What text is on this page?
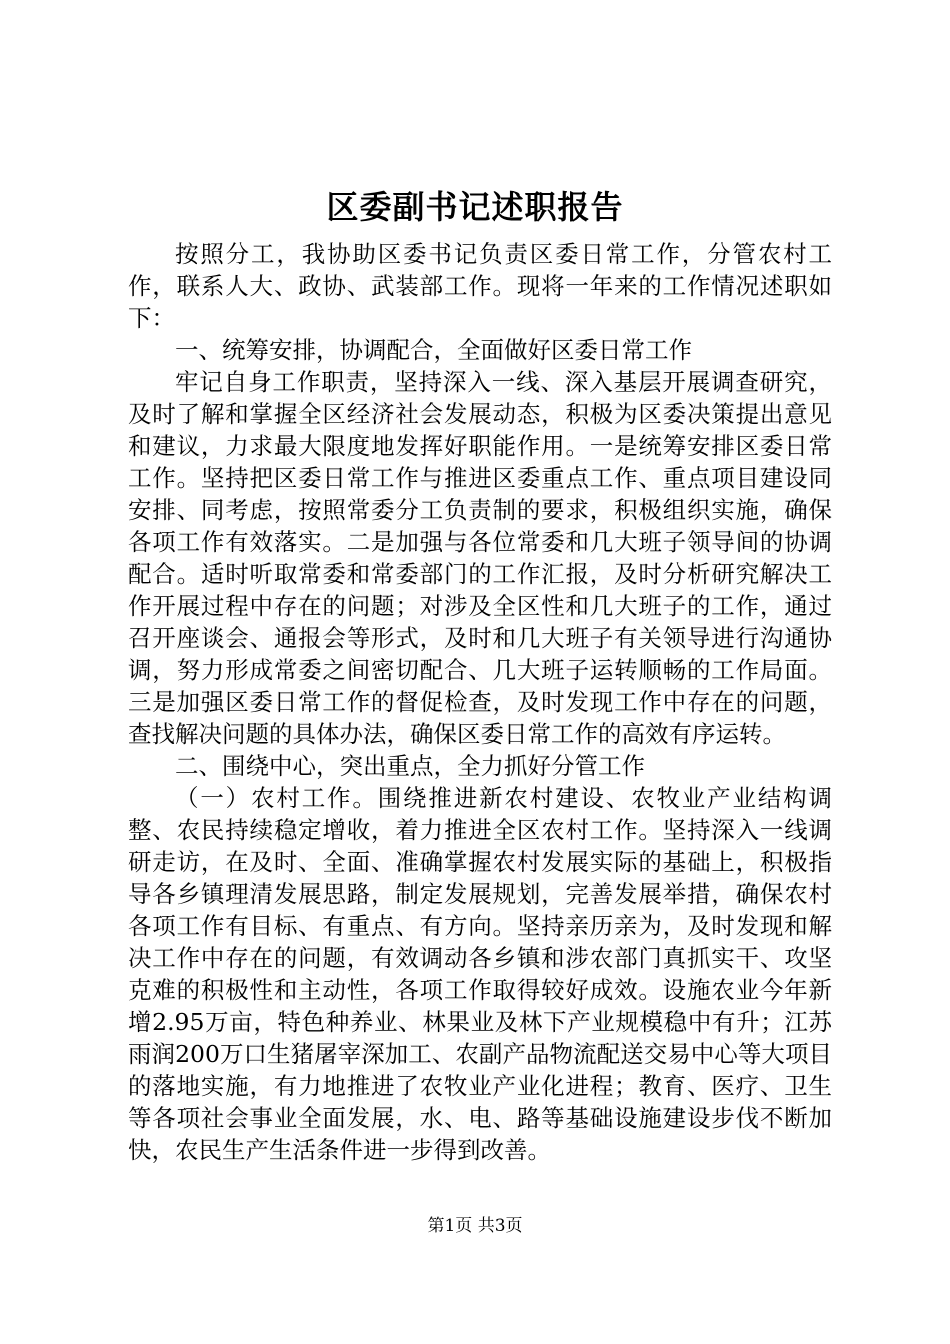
区委副书记述职报告

按照分工，我协助区委书记负责区委日常工作，分管农村工作，联系人大、政协、武装部工作。现将一年来的工作情况述职如下：

一、统筹安排，协调配合，全面做好区委日常工作

牢记自身工作职责，坚持深入一线、深入基层开展调查研究，及时了解和掌握全区经济社会发展动态，积极为区委决策提出意见和建议，力求最大限度地发挥好职能作用。一是统筹安排区委日常工作。坚持把区委日常工作与推进区委重点工作、重点项目建设同安排、同考虑，按照常委分工负责制的要求，积极组织实施，确保各项工作有效落实。二是加强与各位常委和几大班子领导间的协调配合。适时听取常委和常委部门的工作汇报，及时分析研究解决工作开展过程中存在的问题；对涉及全区性和几大班子的工作，通过召开座谈会、通报会等形式，及时和几大班子有关领导进行沟通协调，努力形成常委之间密切配合、几大班子运转顺畅的工作局面。三是加强区委日常工作的督促检查，及时发现工作中存在的问题，查找解决问题的具体办法，确保区委日常工作的高效有序运转。

二、围绕中心，突出重点，全力抓好分管工作

（一）农村工作。围绕推进新农村建设、农牧业产业结构调整、农民持续稳定增收，着力推进全区农村工作。坚持深入一线调研走访，在及时、全面、准确掌握农村发展实际的基础上，积极指导各乡镇理清发展思路，制定发展规划，完善发展举措，确保农村各项工作有目标、有重点、有方向。坚持亲历亲为，及时发现和解决工作中存在的问题，有效调动各乡镇和涉农部门真抓实干、攻坚克难的积极性和主动性，各项工作取得较好成效。设施农业今年新增2.95万亩，特色种养业、林果业及林下产业规模稳中有升；江苏雨润200万口生猪屠宰深加工、农副产品物流配送交易中心等大项目的落地实施，有力地推进了农牧业产业化进程；教育、医疗、卫生等各项社会事业全面发展，水、电、路等基础设施建设步伐不断加快，农民生产生活条件进一步得到改善。

第1页 共3页
